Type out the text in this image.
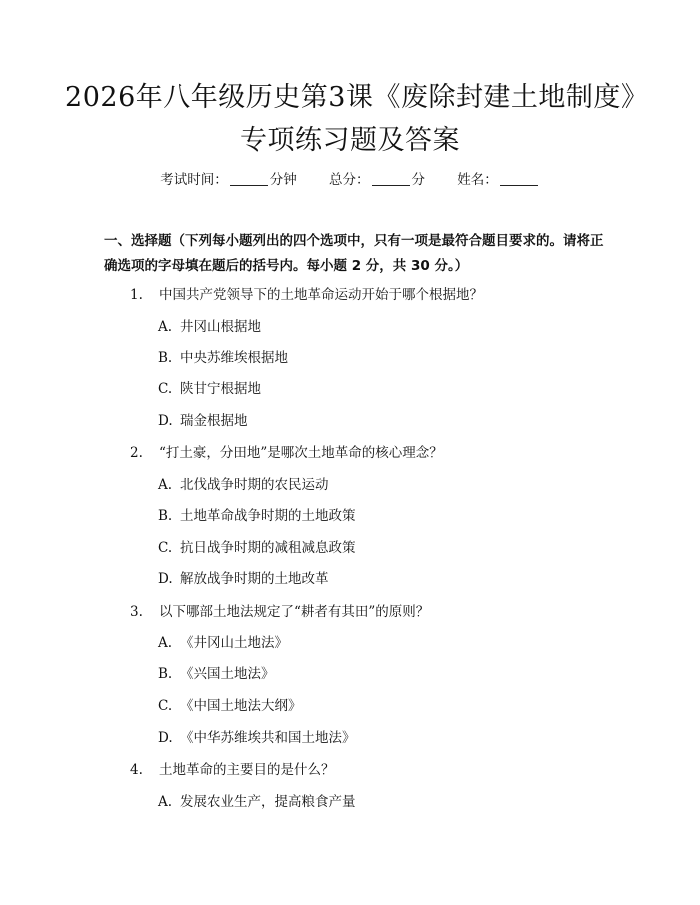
2026年八年级历史第3课《废除封建土地制度》专项练习题及答案
考试时间：	分钟 总分：	分 姓名：

一、选择题（下列每小题列出的四个选项中，只有一项是最符合题目要求的。请将正确选项的字母填在题后的括号内。每小题 2 分，共 30 分。）

1. 中国共产党领导下的土地革命运动开始于哪个根据地？
A. 井冈山根据地
B. 中央苏维埃根据地
C. 陕甘宁根据地
D. 瑞金根据地
2. “打土豪，分田地”是哪次土地革命的核心理念？
A. 北伐战争时期的农民运动
B. 土地革命战争时期的土地政策
C. 抗日战争时期的减租减息政策
D. 解放战争时期的土地改革
3. 以下哪部土地法规定了“耕者有其田”的原则？
A. 《井冈山土地法》
B. 《兴国土地法》
C. 《中国土地法大纲》
D. 《中华苏维埃共和国土地法》
4. 土地革命的主要目的是什么？
A. 发展农业生产，提高粮食产量
